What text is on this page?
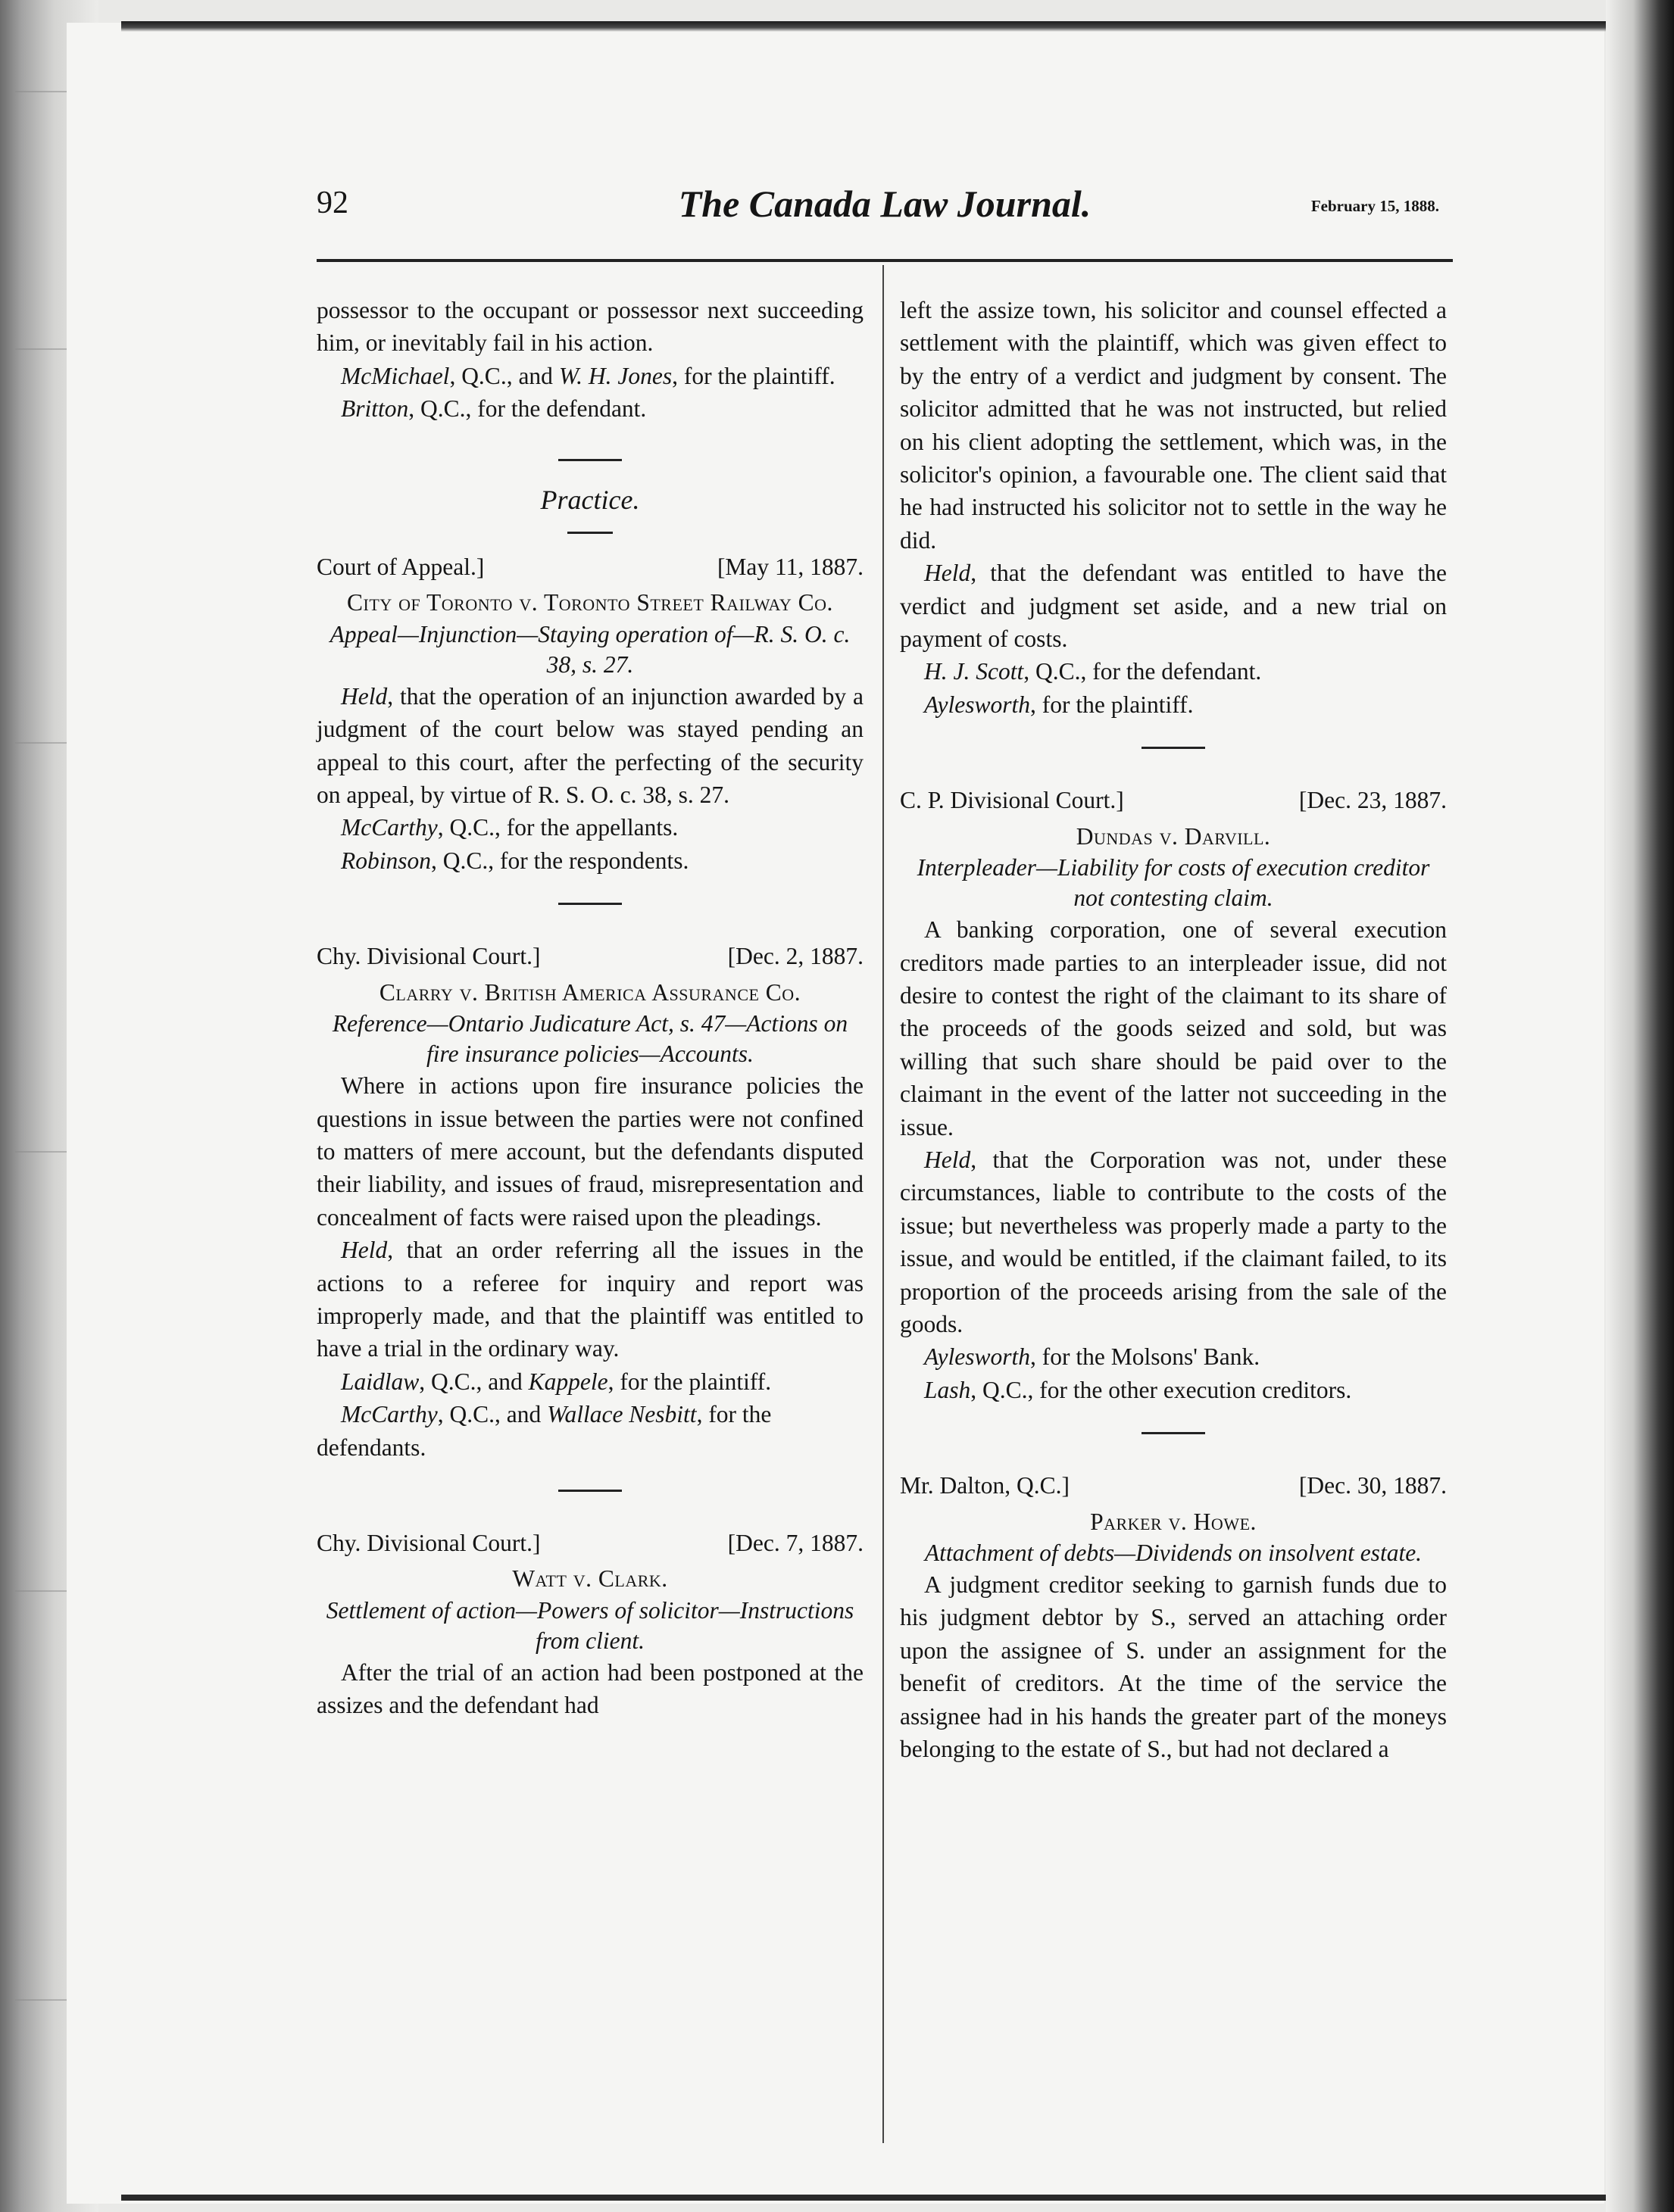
92	The Canada Law Journal.	February 15, 1888.

possessor to the occupant or possessor next succeeding him, or inevitably fail in his action.

McMichael, Q.C., and W. H. Jones, for the plaintiff.

Britton, Q.C., for the defendant.

Practice.
Court of Appeal.]	[May 11, 1887.
City of Toronto v. Toronto Street Railway Co.

Appeal—Injunction—Staying operation of—R. S. O. c. 38, s. 27.

Held, that the operation of an injunction awarded by a judgment of the court below was stayed pending an appeal to this court, after the perfecting of the security on appeal, by virtue of R. S. O. c. 38, s. 27.

McCarthy, Q.C., for the appellants.

Robinson, Q.C., for the respondents.

Chy. Divisional Court.]	[Dec. 2, 1887.
Clarry v. British America Assurance Co.

Reference—Ontario Judicature Act, s. 47—Actions on fire insurance policies—Accounts.

Where in actions upon fire insurance policies the questions in issue between the parties were not confined to matters of mere account, but the defendants disputed their liability, and issues of fraud, misrepresentation and concealment of facts were raised upon the pleadings.

Held, that an order referring all the issues in the actions to a referee for inquiry and report was improperly made, and that the plaintiff was entitled to have a trial in the ordinary way.

Laidlaw, Q.C., and Kappele, for the plaintiff.

McCarthy, Q.C., and Wallace Nesbitt, for the defendants.

Chy. Divisional Court.]	[Dec. 7, 1887.
Watt v. Clark.

Settlement of action—Powers of solicitor—Instructions from client.

After the trial of an action had been postponed at the assizes and the defendant had

left the assize town, his solicitor and counsel effected a settlement with the plaintiff, which was given effect to by the entry of a verdict and judgment by consent. The solicitor admitted that he was not instructed, but relied on his client adopting the settlement, which was, in the solicitor's opinion, a favourable one. The client said that he had instructed his solicitor not to settle in the way he did.

Held, that the defendant was entitled to have the verdict and judgment set aside, and a new trial on payment of costs.

H. J. Scott, Q.C., for the defendant.

Aylesworth, for the plaintiff.

C. P. Divisional Court.]	[Dec. 23, 1887.
Dundas v. Darvill.

Interpleader—Liability for costs of execution creditor not contesting claim.

A banking corporation, one of several execution creditors made parties to an interpleader issue, did not desire to contest the right of the claimant to its share of the proceeds of the goods seized and sold, but was willing that such share should be paid over to the claimant in the event of the latter not succeeding in the issue.

Held, that the Corporation was not, under these circumstances, liable to contribute to the costs of the issue; but nevertheless was properly made a party to the issue, and would be entitled, if the claimant failed, to its proportion of the proceeds arising from the sale of the goods.

Aylesworth, for the Molsons' Bank.

Lash, Q.C., for the other execution creditors.

Mr. Dalton, Q.C.]	[Dec. 30, 1887.
Parker v. Howe.

Attachment of debts—Dividends on insolvent estate.

A judgment creditor seeking to garnish funds due to his judgment debtor by S., served an attaching order upon the assignee of S. under an assignment for the benefit of creditors. At the time of the service the assignee had in his hands the greater part of the moneys belonging to the estate of S., but had not declared a
